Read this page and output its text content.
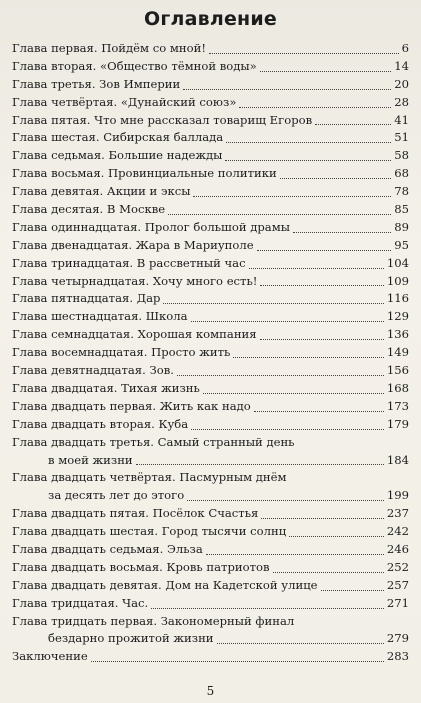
Оглавление
Глава первая. Пойдём со мной!	6
Глава вторая. «Общество тёмной воды»	14
Глава третья. Зов Империи	20
Глава четвёртая. «Дунайский союз»	28
Глава пятая. Что мне рассказал товарищ Егоров	41
Глава шестая. Сибирская баллада	51
Глава седьмая. Большие надежды	58
Глава восьмая. Провинциальные политики	68
Глава девятая. Акции и эксы	78
Глава десятая. В Москве	85
Глава одиннадцатая. Пролог большой драмы	89
Глава двенадцатая. Жара в Мариуполе	95
Глава тринадцатая. В рассветный час	104
Глава четырнадцатая. Хочу много есть!	109
Глава пятнадцатая. Дар	116
Глава шестнадцатая. Школа	129
Глава семнадцатая. Хорошая компания	136
Глава восемнадцатая. Просто жить	149
Глава девятнадцатая. Зов.	156
Глава двадцатая. Тихая жизнь	168
Глава двадцать первая. Жить как надо	173
Глава двадцать вторая. Куба	179
Глава двадцать третья. Самый странный день
в моей жизни	184
Глава двадцать четвёртая. Пасмурным днём
за десять лет до этого	199
Глава двадцать пятая. Посёлок Счастья	237
Глава двадцать шестая. Город тысячи солнц	242
Глава двадцать седьмая. Эльза	246
Глава двадцать восьмая. Кровь патриотов	252
Глава двадцать девятая. Дом на Кадетской улице	257
Глава тридцатая. Час.	271
Глава тридцать первая. Закономерный финал
бездарно прожитой жизни	279
Заключение	283
5
